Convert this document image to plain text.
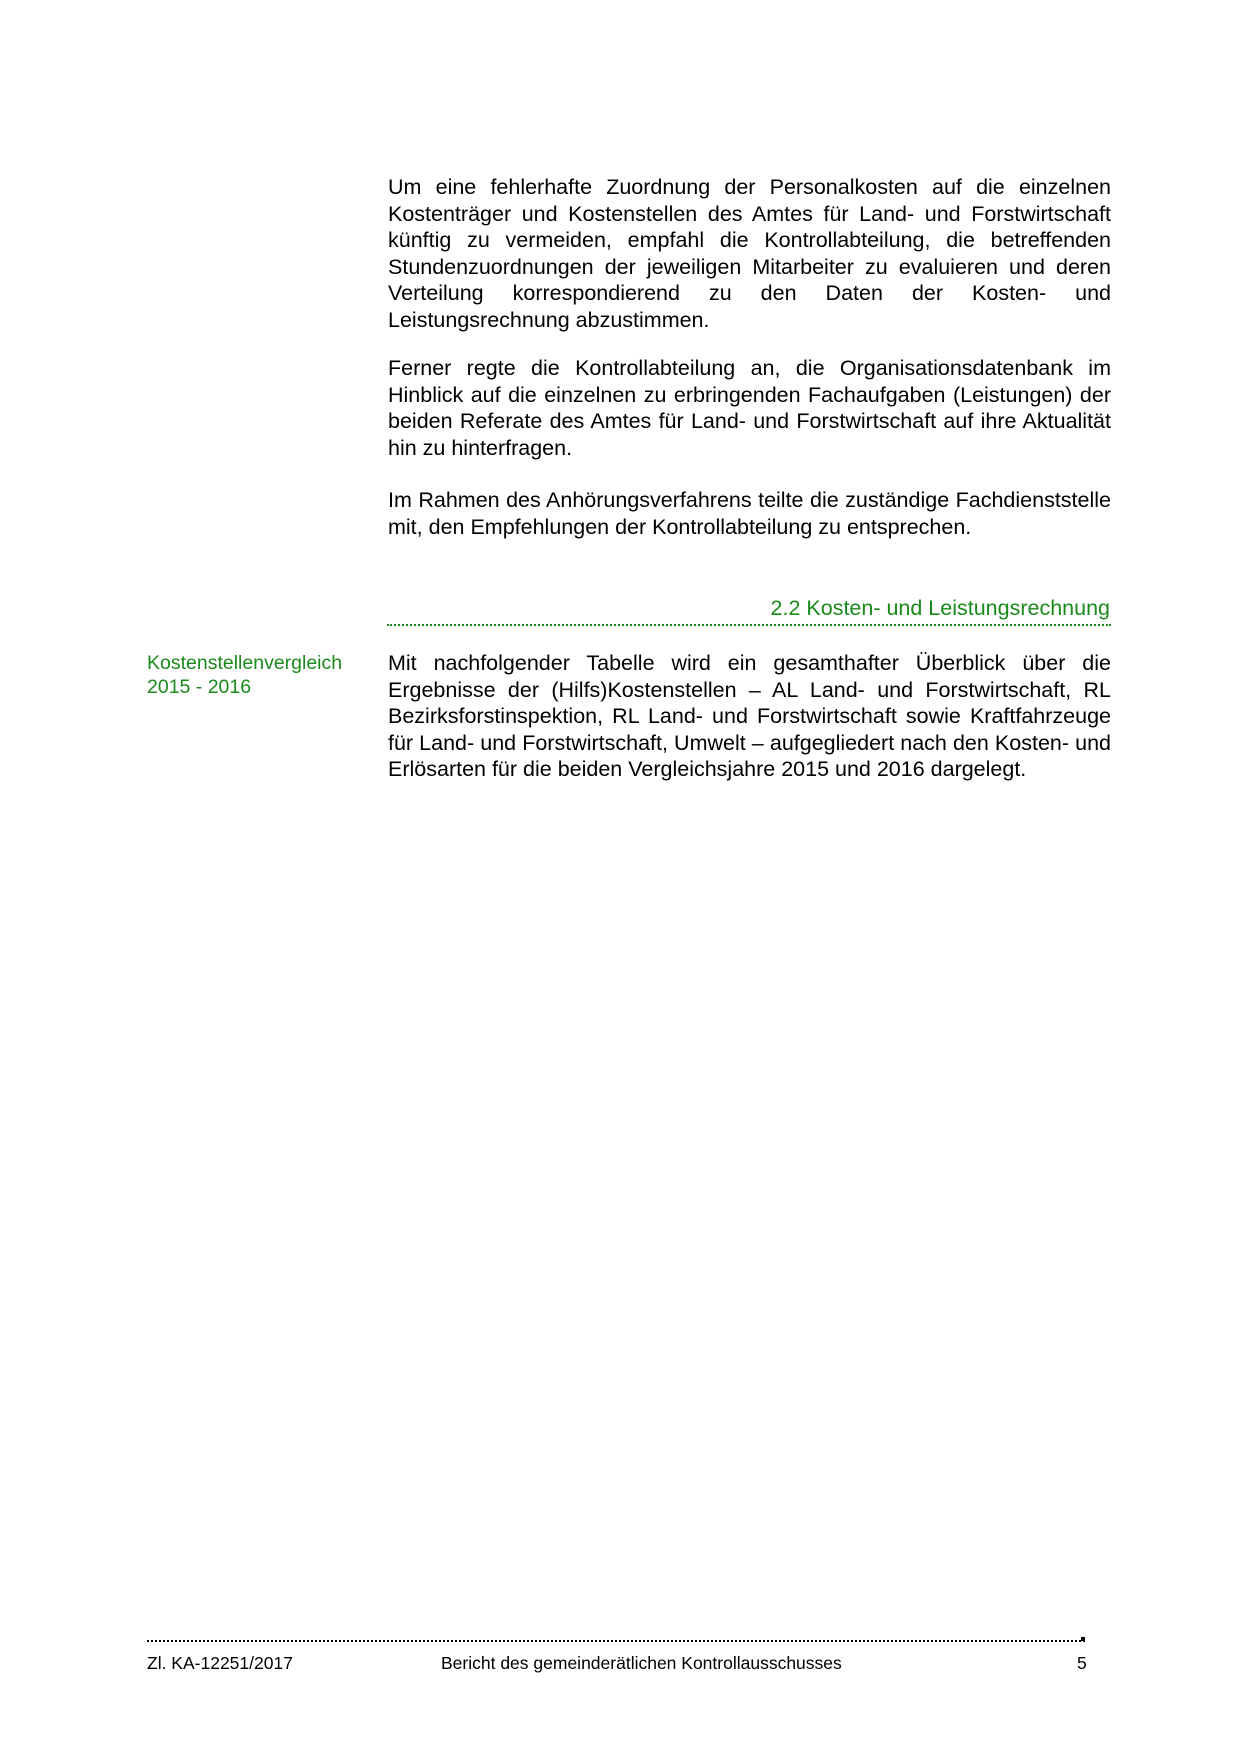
Um eine fehlerhafte Zuordnung der Personalkosten auf die einzelnen Kostenträger und Kostenstellen des Amtes für Land- und Forstwirtschaft künftig zu vermeiden, empfahl die Kontrollabteilung, die betreffenden Stundenzuordnungen der jeweiligen Mitarbeiter zu evaluieren und deren Verteilung korrespondierend zu den Daten der Kosten- und Leistungsrechnung abzustimmen.

Ferner regte die Kontrollabteilung an, die Organisationsdatenbank im Hinblick auf die einzelnen zu erbringenden Fachaufgaben (Leistungen) der beiden Referate des Amtes für Land- und Forstwirtschaft auf ihre Aktualität hin zu hinterfragen.

Im Rahmen des Anhörungsverfahrens teilte die zuständige Fachdienststelle mit, den Empfehlungen der Kontrollabteilung zu entsprechen.

2.2 Kosten- und Leistungsrechnung
Kostenstellenvergleich
2015 - 2016

Mit nachfolgender Tabelle wird ein gesamthafter Überblick über die Ergebnisse der (Hilfs)Kostenstellen – AL Land- und Forstwirtschaft, RL Bezirksforstinspektion, RL Land- und Forstwirtschaft sowie Kraftfahrzeuge für Land- und Forstwirtschaft, Umwelt – aufgegliedert nach den Kosten- und Erlösarten für die beiden Vergleichsjahre 2015 und 2016 dargelegt.

Zl. KA-12251/2017	Bericht des gemeinderätlichen Kontrollausschusses	5
